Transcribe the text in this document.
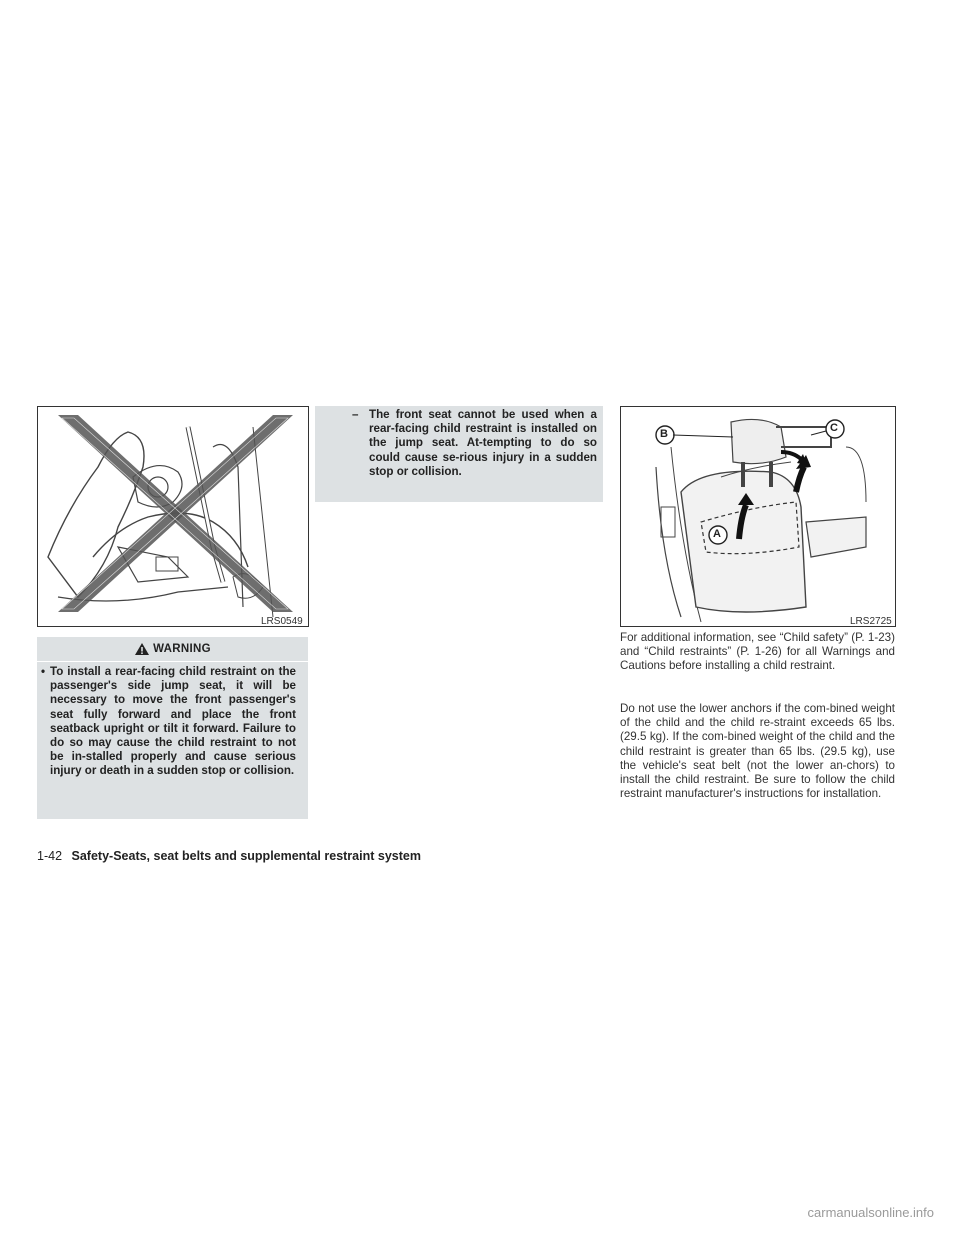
LRS0549
WARNING
• To install a rear-facing child restraint on the passenger's side jump seat, it will be necessary to move the front passenger's seat fully forward and place the front seatback upright or tilt it forward. Failure to do so may cause the child restraint to not be in-stalled properly and cause serious injury or death in a sudden stop or collision.
– The front seat cannot be used when a rear-facing child restraint is installed on the jump seat. At-tempting to do so could cause se-rious injury in a sudden stop or collision.
B	C
A
LRS2725
For additional information, see “Child safety” (P. 1-23) and “Child restraints” (P. 1-26) for all Warnings and Cautions before installing a child restraint.
Do not use the lower anchors if the com-bined weight of the child and the child re-straint exceeds 65 lbs. (29.5 kg). If the com-bined weight of the child and the child restraint is greater than 65 lbs. (29.5 kg), use the vehicle's seat belt (not the lower an-chors) to install the child restraint. Be sure to follow the child restraint manufacturer's instructions for installation.
1-42 Safety-Seats, seat belts and supplemental restraint system
carmanualsonline.info
